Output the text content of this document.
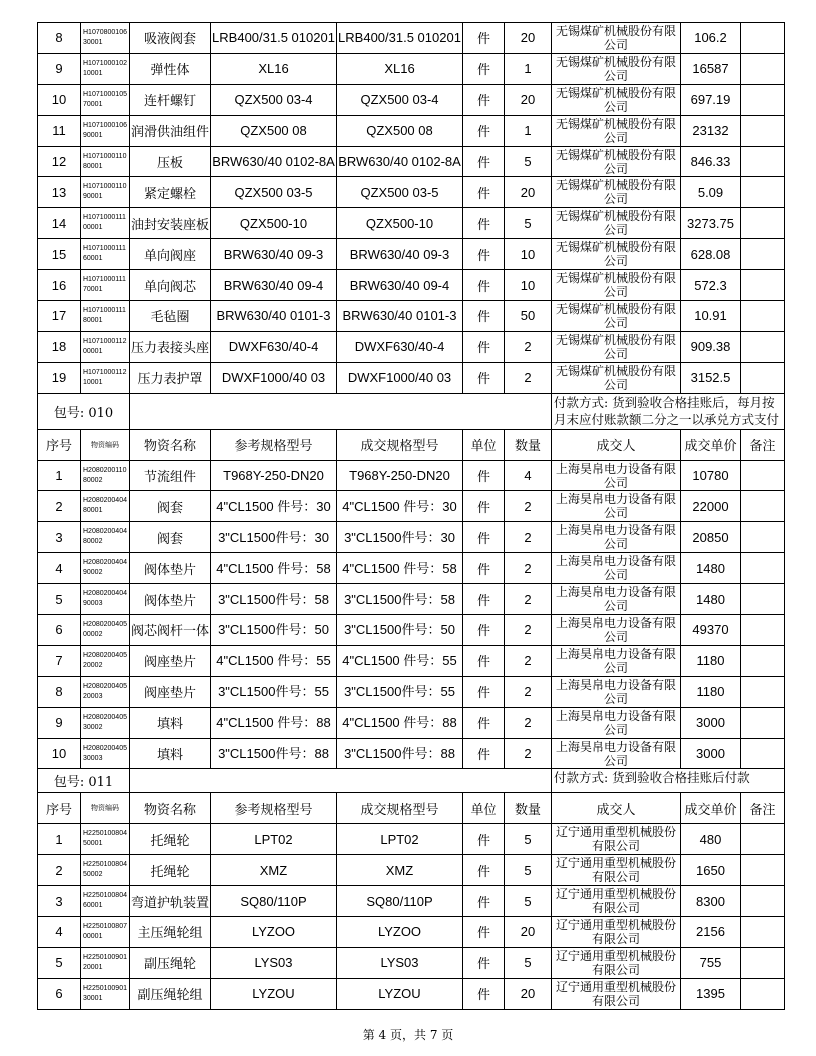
8	H107080010630001	吸液阀套	LRB400/31.5 010201	LRB400/31.5 010201	件	20	无锡煤矿机械股份有限公司	106.2	
9	H107100010210001	弹性体	XL16	XL16	件	1	无锡煤矿机械股份有限公司	16587	
10	H107100010570001	连杆螺钉	QZX500 03-4	QZX500 03-4	件	20	无锡煤矿机械股份有限公司	697.19	
11	H107100010690001	润滑供油组件	QZX500 08	QZX500 08	件	1	无锡煤矿机械股份有限公司	23132	
12	H107100011080001	压板	BRW630/40 0102-8A	BRW630/40 0102-8A	件	5	无锡煤矿机械股份有限公司	846.33	
13	H107100011090001	紧定螺栓	QZX500 03-5	QZX500 03-5	件	20	无锡煤矿机械股份有限公司	5.09	
14	H107100011100001	油封安装座板	QZX500-10	QZX500-10	件	5	无锡煤矿机械股份有限公司	3273.75	
15	H107100011160001	单向阀座	BRW630/40 09-3	BRW630/40 09-3	件	10	无锡煤矿机械股份有限公司	628.08	
16	H107100011170001	单向阀芯	BRW630/40 09-4	BRW630/40 09-4	件	10	无锡煤矿机械股份有限公司	572.3	
17	H107100011180001	毛毡圈	BRW630/40 0101-3	BRW630/40 0101-3	件	50	无锡煤矿机械股份有限公司	10.91	
18	H107100011200001	压力表接头座	DWXF630/40-4	DWXF630/40-4	件	2	无锡煤矿机械股份有限公司	909.38	
19	H107100011210001	压力表护罩	DWXF1000/40 03	DWXF1000/40 03	件	2	无锡煤矿机械股份有限公司	3152.5	
包号: 010							付款方式: 货到验收合格挂账后，每月按月末应付账款额二分之一以承兑方式支付		
序号	物资编码	物资名称	参考规格型号	成交规格型号	单位	数量	成交人	成交单价	备注
1	H208020011080002	节流组件	T968Y-250-DN20	T968Y-250-DN20	件	4	上海昊帛电力设备有限公司	10780	
2	H208020040480001	阀套	4"CL1500 件号：30	4"CL1500 件号：30	件	2	上海昊帛电力设备有限公司	22000	
3	H208020040480002	阀套	3"CL1500件号：30	3"CL1500件号：30	件	2	上海昊帛电力设备有限公司	20850	
4	H208020040490002	阀体垫片	4"CL1500 件号：58	4"CL1500 件号：58	件	2	上海昊帛电力设备有限公司	1480	
5	H208020040490003	阀体垫片	3"CL1500件号：58	3"CL1500件号：58	件	2	上海昊帛电力设备有限公司	1480	
6	H208020040500002	阀芯阀杆一体	3"CL1500件号：50	3"CL1500件号：50	件	2	上海昊帛电力设备有限公司	49370	
7	H208020040520002	阀座垫片	4"CL1500 件号：55	4"CL1500 件号：55	件	2	上海昊帛电力设备有限公司	1180	
8	H208020040520003	阀座垫片	3"CL1500件号：55	3"CL1500件号：55	件	2	上海昊帛电力设备有限公司	1180	
9	H208020040530002	填料	4"CL1500 件号：88	4"CL1500 件号：88	件	2	上海昊帛电力设备有限公司	3000	
10	H208020040530003	填料	3"CL1500件号：88	3"CL1500件号：88	件	2	上海昊帛电力设备有限公司	3000	
包号: 011							付款方式: 货到验收合格挂账后付款		
序号	物资编码	物资名称	参考规格型号	成交规格型号	单位	数量	成交人	成交单价	备注
1	H225010080450001	托绳轮	LPT02	LPT02	件	5	辽宁通用重型机械股份有限公司	480	
2	H225010080450002	托绳轮	XMZ	XMZ	件	5	辽宁通用重型机械股份有限公司	1650	
3	H225010080460001	弯道护轨装置	SQ80/110P	SQ80/110P	件	5	辽宁通用重型机械股份有限公司	8300	
4	H225010080700001	主压绳轮组	LYZOO	LYZOO	件	20	辽宁通用重型机械股份有限公司	2156	
5	H225010090120001	副压绳轮	LYS03	LYS03	件	5	辽宁通用重型机械股份有限公司	755	
6	H225010090130001	副压绳轮组	LYZOU	LYZOU	件	20	辽宁通用重型机械股份有限公司	1395	
第 4 页，共 7 页
